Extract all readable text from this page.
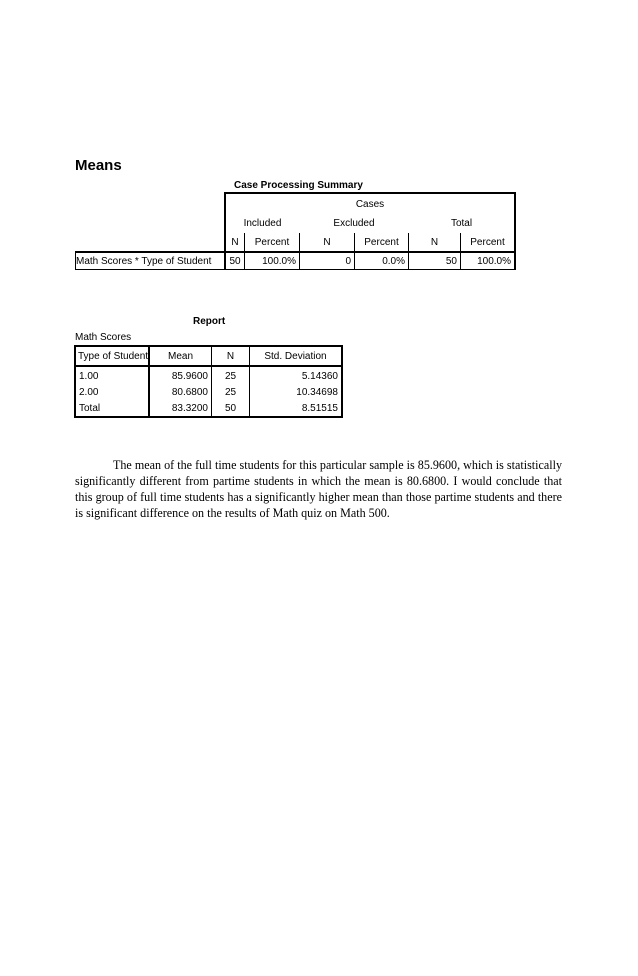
Means
Case Processing Summary
Cases
Included	Excluded	Total
N	Percent	N	Percent	N	Percent
Math Scores * Type of Student	50	100.0%	0	0.0%	50	100.0%
Report
Math Scores
Type of Student	Mean	N	Std. Deviation
1.00	85.9600	25	5.14360
2.00	80.6800	25	10.34698
Total	83.3200	50	8.51515
The mean of the full time students for this particular sample is 85.9600, which is statistically significantly different from partime students in which the mean is 80.6800. I would conclude that this group of full time students has a significantly higher mean than those partime students and there is significant difference on the results of Math quiz on Math 500.
